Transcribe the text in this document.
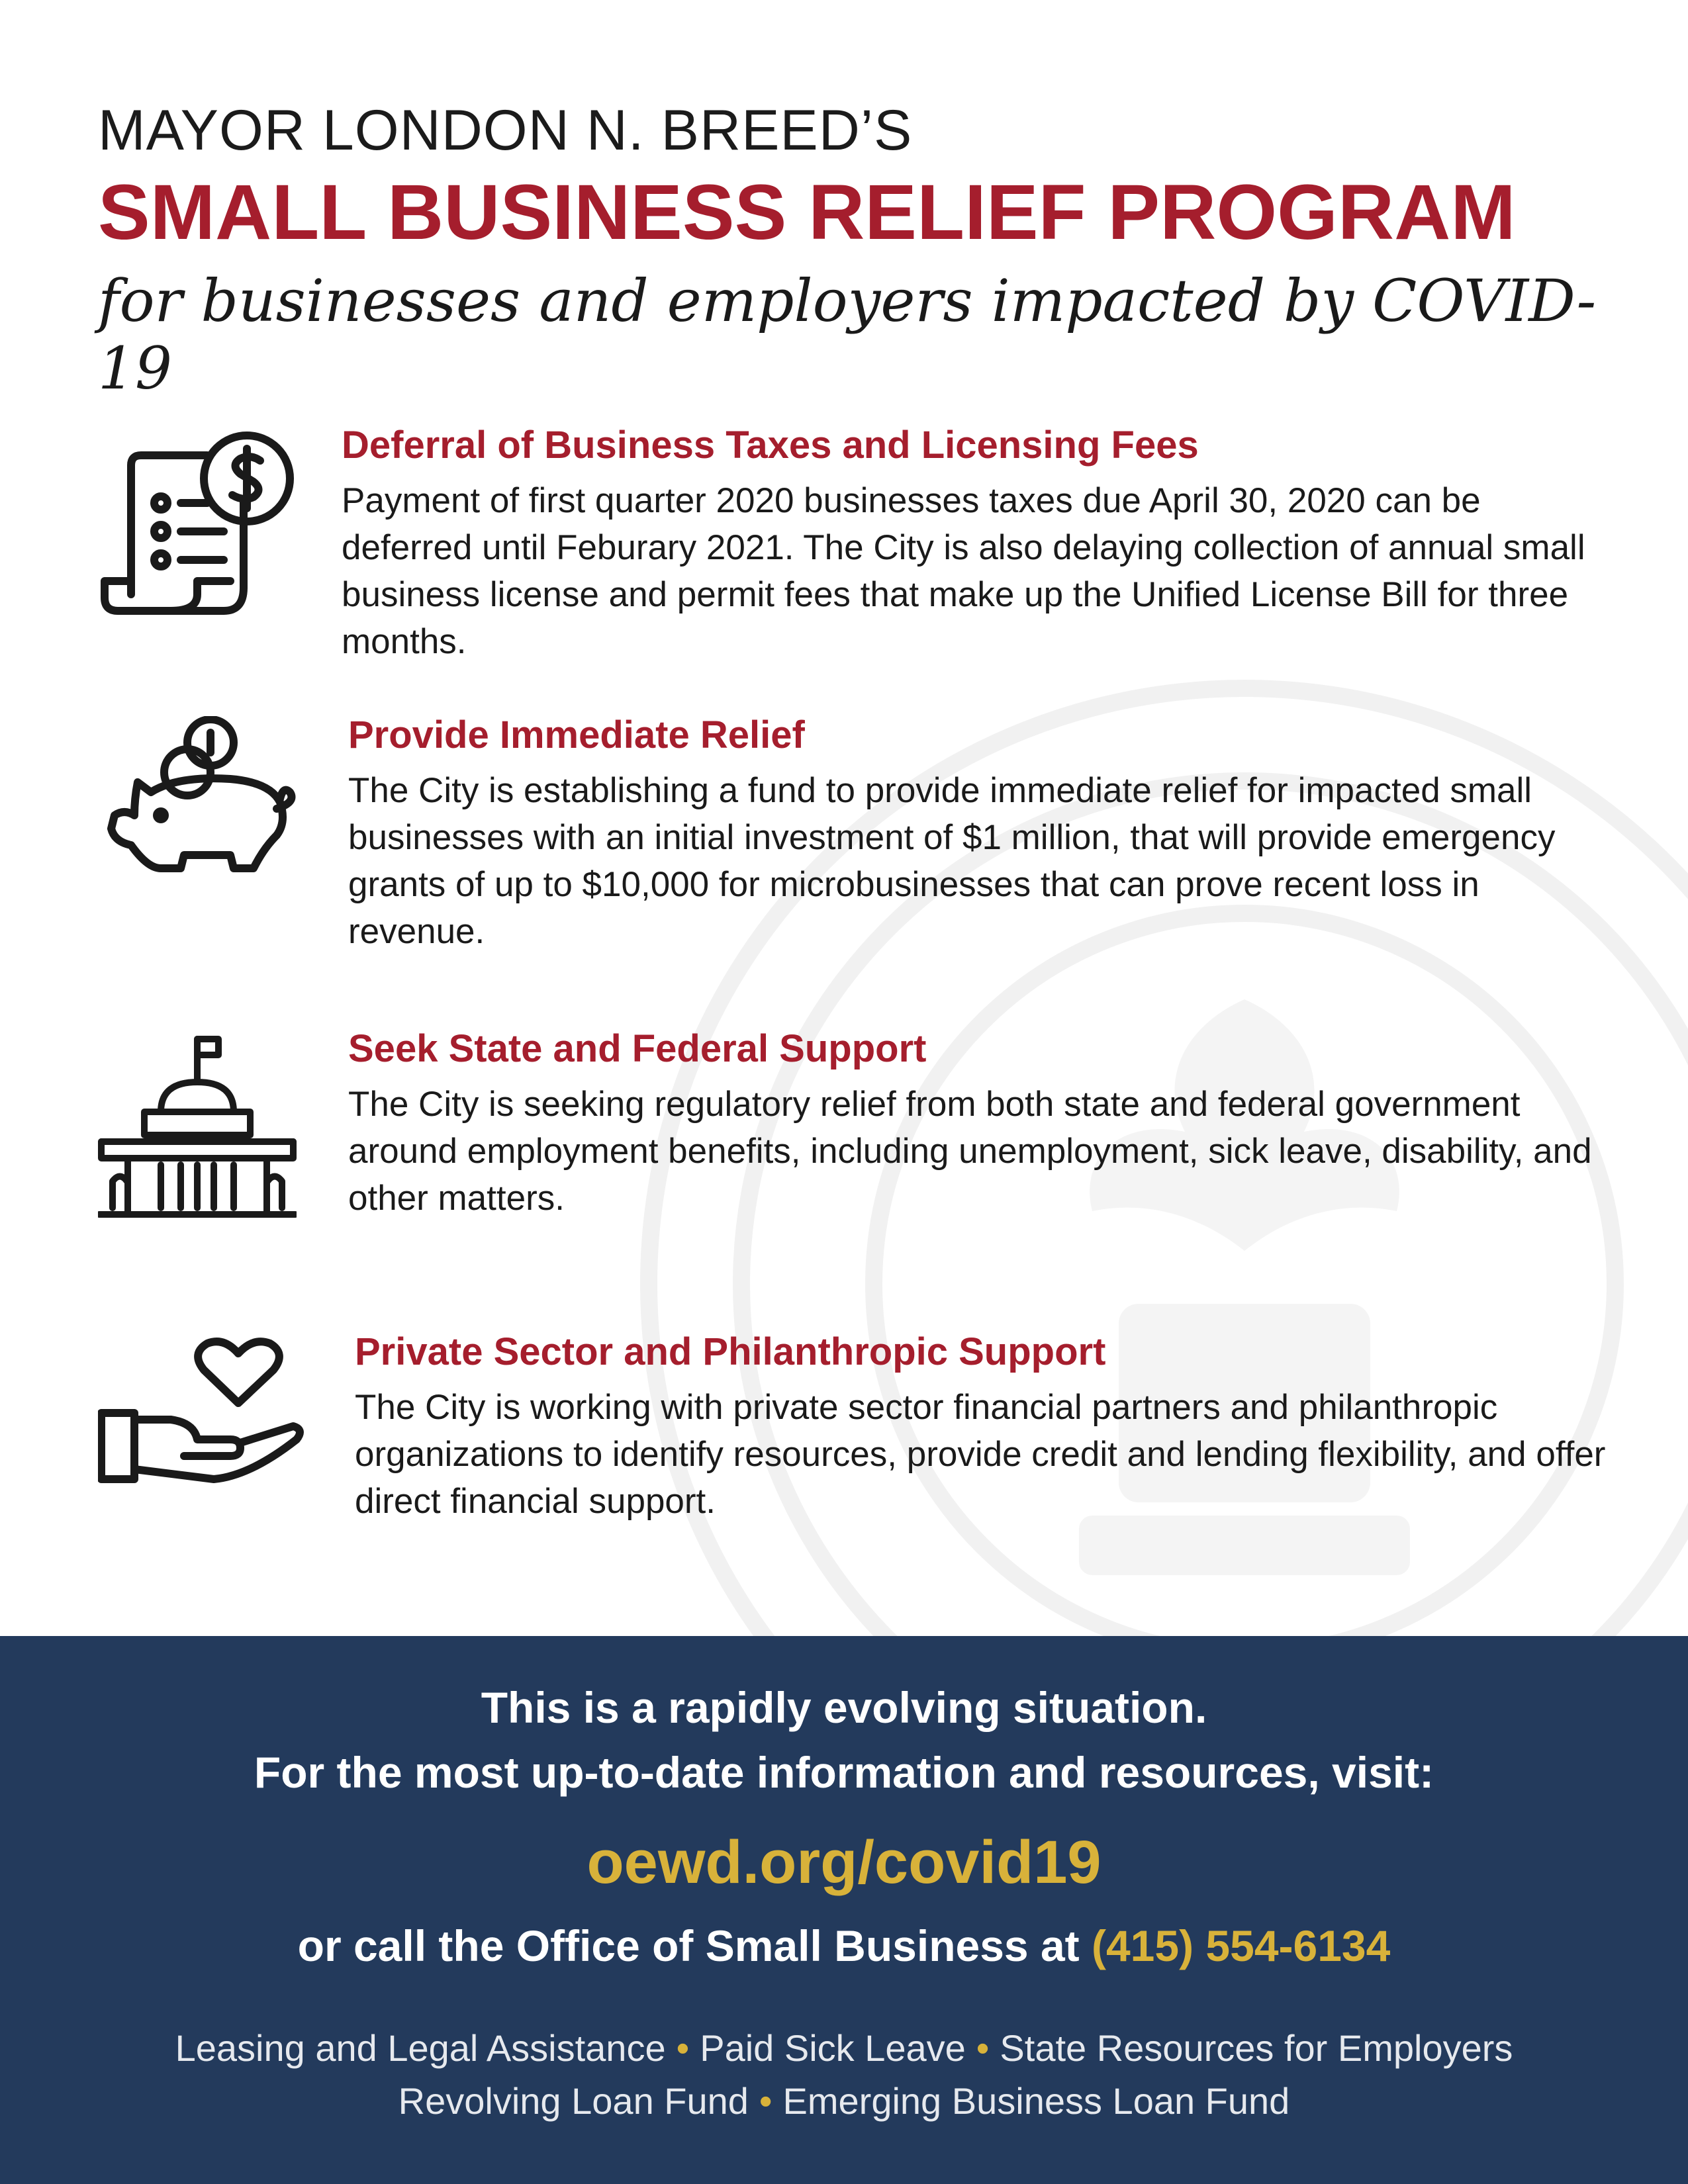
MAYOR LONDON N. BREED’S
SMALL BUSINESS RELIEF PROGRAM

for businesses and employers impacted by COVID-19

Deferral of Business Taxes and Licensing Fees

Payment of first quarter 2020 businesses taxes due April 30, 2020 can be deferred until Feburary 2021. The City is also delaying collection of annual small business license and permit fees that make up the Unified License Bill for three months.

Provide Immediate Relief

The City is establishing a fund to provide immediate relief for impacted small businesses with an initial investment of $1 million, that will provide emergency grants of up to $10,000 for microbusinesses that can prove recent loss in revenue.

Seek State and Federal Support

The City is seeking regulatory relief from both state and federal government around employment benefits, including unemployment, sick leave, disability, and other matters.

Private Sector and Philanthropic Support

The City is working with private sector financial partners and philanthropic organizations to identify resources, provide credit and lending flexibility, and offer direct financial support.

This is a rapidly evolving situation.
For the most up-to-date information and resources, visit:
oewd.org/covid19
or call the Office of Small Business at (415) 554-6134
Leasing and Legal Assistance • Paid Sick Leave • State Resources for Employers
Revolving Loan Fund • Emerging Business Loan Fund
